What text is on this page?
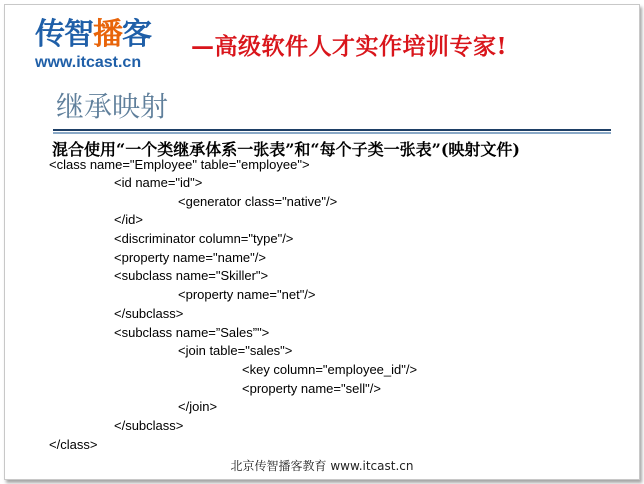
传智播客
www.itcast.cn
—高级软件人才实作培训专家!
继承映射
混合使用“一个类继承体系一张表”和“每个子类一张表”(映射文件)
<class name="Employee" table="employee">
<id name="id">
<generator class="native"/>
</id>
<discriminator column="type"/>
<property name="name"/>
<subclass name="Skiller">
<property name="net"/>
</subclass>
<subclass name=”Sales”">
<join table="sales">
<key column="employee_id"/>
<property name="sell"/>
</join>
</subclass>
</class>
北京传智播客教育 www.itcast.cn
